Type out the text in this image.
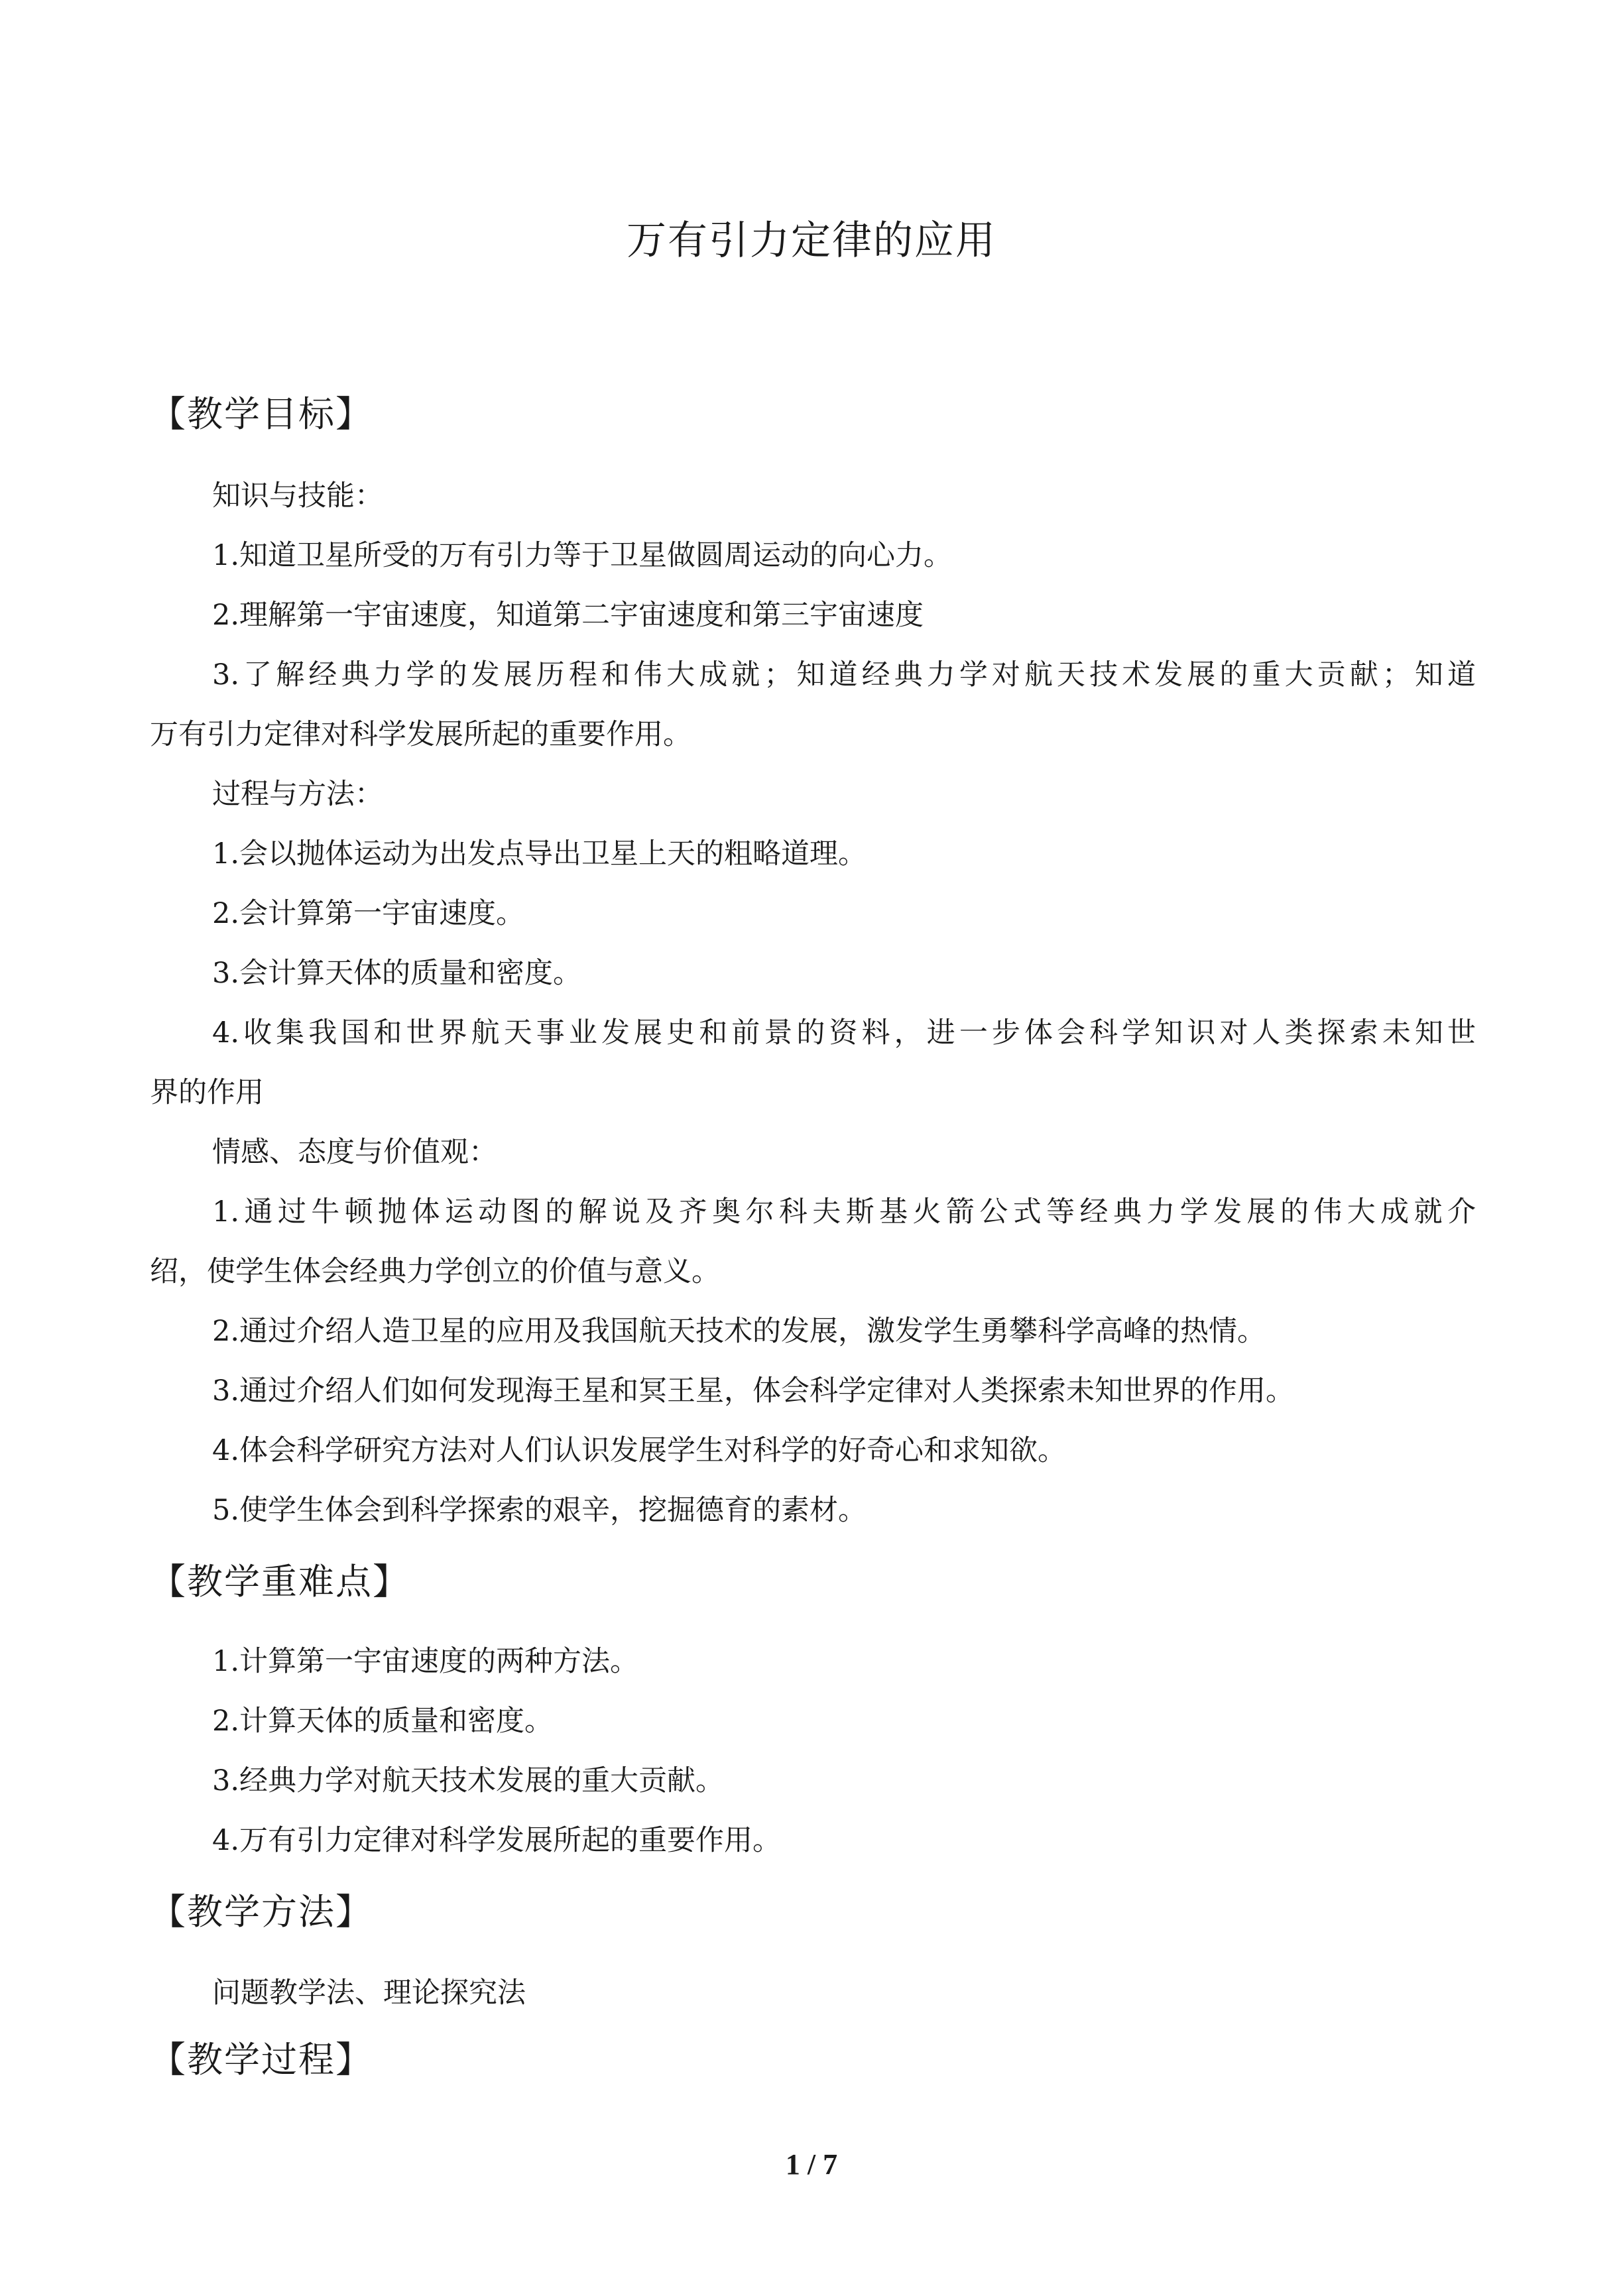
万有引力定律的应用
【教学目标】
知识与技能：
1.知道卫星所受的万有引力等于卫星做圆周运动的向心力。
2.理解第一宇宙速度，知道第二宇宙速度和第三宇宙速度
3.了解经典力学的发展历程和伟大成就；知道经典力学对航天技术发展的重大贡献；知道
万有引力定律对科学发展所起的重要作用。
过程与方法：
1.会以抛体运动为出发点导出卫星上天的粗略道理。
2.会计算第一宇宙速度。
3.会计算天体的质量和密度。
4.收集我国和世界航天事业发展史和前景的资料，进一步体会科学知识对人类探索未知世
界的作用
情感、态度与价值观：
1.通过牛顿抛体运动图的解说及齐奥尔科夫斯基火箭公式等经典力学发展的伟大成就介
绍，使学生体会经典力学创立的价值与意义。
2.通过介绍人造卫星的应用及我国航天技术的发展，激发学生勇攀科学高峰的热情。
3.通过介绍人们如何发现海王星和冥王星，体会科学定律对人类探索未知世界的作用。
4.体会科学研究方法对人们认识发展学生对科学的好奇心和求知欲。
5.使学生体会到科学探索的艰辛，挖掘德育的素材。
【教学重难点】
1.计算第一宇宙速度的两种方法。
2.计算天体的质量和密度。
3.经典力学对航天技术发展的重大贡献。
4.万有引力定律对科学发展所起的重要作用。
【教学方法】
问题教学法、理论探究法
【教学过程】
1 / 7
